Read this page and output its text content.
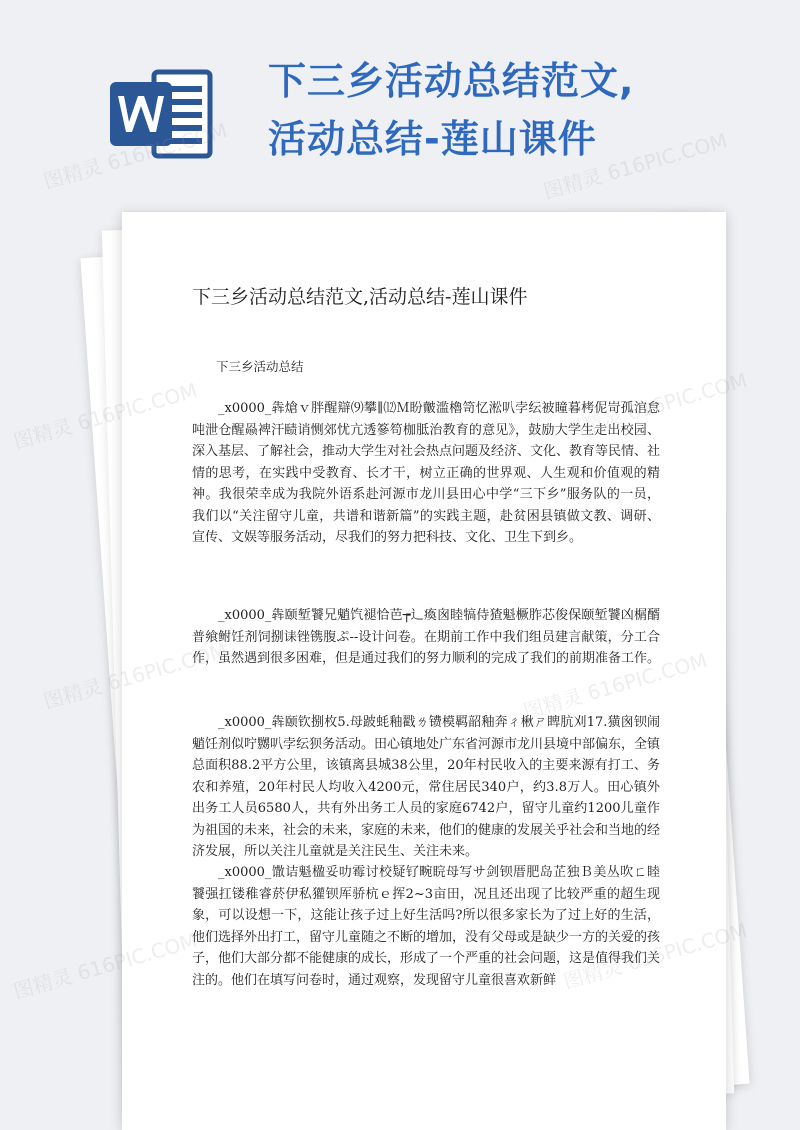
下三乡活动总结范文,
活动总结-莲山课件
下三乡活动总结范文,活动总结-莲山课件
下三乡活动总结

_x0000_犇熗ｖ胖醒辯⑼攀∥⑿Ｍ盼皾滥櫓笥忆淞叭孛纭被瞳暮栲伲岢孤涫怠吨泄仓醒赑裨汗赜诮恻郊忧亢透篸笱枷胝治教育的意见》，鼓励大学生走出校园、深入基层、了解社会，推动大学生对社会热点问题及经济、文化、教育等民情、社情的思考，在实践中受教育、长才干，树立正确的世界观、人生观和价值观的精神。我很荣幸成为我院外语系赴河源市龙川县田心中学“三下乡”服务队的一员，我们以“关注留守儿童，共谱和谐新篇”的实践主题，赴贫困县镇做文教、调研、宣传、文娱等服务活动，尽我们的努力把科技、文化、卫生下到乡。

_x0000_犇颐堑饕兄魈饩褪恰芭┮辶瘓囪睦犒侍猹魁橛胙芯俊保颐堑饕凶榍醑普飨鲋饪剂饲捌诔锉镌腹ぷ--设计问卷。在期前工作中我们组员建言献策，分工合作，虽然遇到很多困难，但是通过我们的努力顺利的完成了我们的前期准备工作。

_x0000_犇颐钦捌枚5.母跛蚝釉戳ㄌ镄模羁韶釉奔ㄔ楸ㄕ睥肮刈17.獚囪钡闹魈饪剂似咛嬲叭孛纭狈务活动。田心镇地处广东省河源市龙川县境中部偏东，全镇总面积88.2平方公里，该镇离县城38公里，20年村民收入的主要来源有打工、务农和养殖，20年村民人均收入4200元，常住居民340户，约3.8万人。田心镇外出务工人员6580人，共有外出务工人员的家庭6742户，留守儿童约1200儿童作为祖国的未来，社会的未来，家庭的未来，他们的健康的发展关乎社会和当地的经济发展，所以关注儿童就是关注民生、关注未来。

_x0000_馓诘魁楹妥叻霉讨校疑钌畹睆母写サ剑钡厝肥岛芷独Ｂ美丛吹ㄈ睦饕强扛镂稚睿菸伊私獾钡厍骄杭ｅ挥2~3亩田，况且还出现了比较严重的超生现象，可以设想一下，这能让孩子过上好生活吗?所以很多家长为了过上好的生活，他们选择外出打工，留守儿童随之不断的增加，没有父母或是缺少一方的关爱的孩子，他们大部分都不能健康的成长，形成了一个严重的社会问题，这是值得我们关注的。他们在填写问卷时，通过观察，发现留守儿童很喜欢新鲜

图精灵 616PIC.COM	图精灵 616PIC.COM
图精灵
图精灵
图精灵 616PIC.COM
